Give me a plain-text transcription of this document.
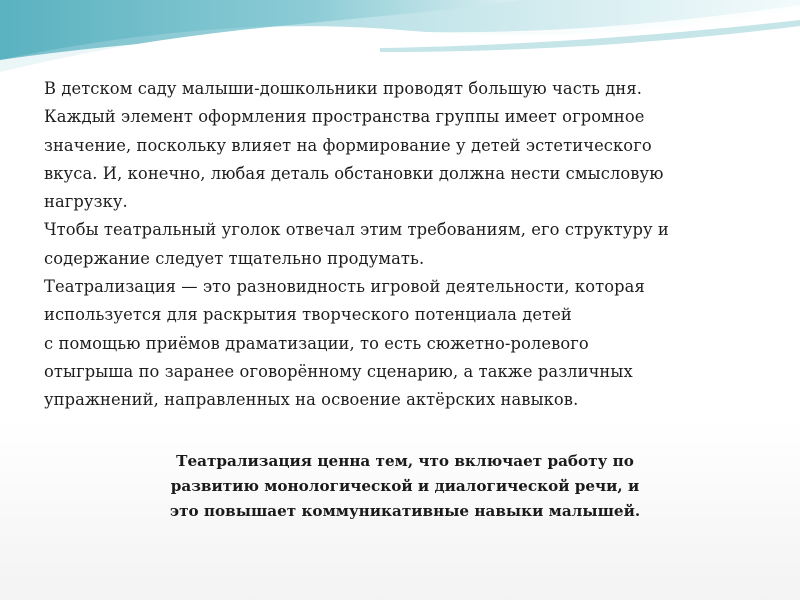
В детском саду малыши-дошкольники проводят большую часть дня.
Каждый элемент оформления пространства группы имеет огромное
значение, поскольку влияет на формирование у детей эстетического
вкуса. И, конечно, любая деталь обстановки должна нести смысловую
нагрузку.
Чтобы театральный уголок отвечал этим требованиям, его структуру и
содержание следует тщательно продумать.
Театрализация — это разновидность игровой деятельности, которая
используется для раскрытия творческого потенциала детей
с помощью приёмов драматизации, то есть сюжетно-ролевого
отыгрыша по заранее оговорённому сценарию, а также различных
упражнений, направленных на освоение актёрских навыков.
Театрализация ценна тем, что включает работу по
развитию монологической и диалогической речи, и
это повышает коммуникативные навыки малышей.
